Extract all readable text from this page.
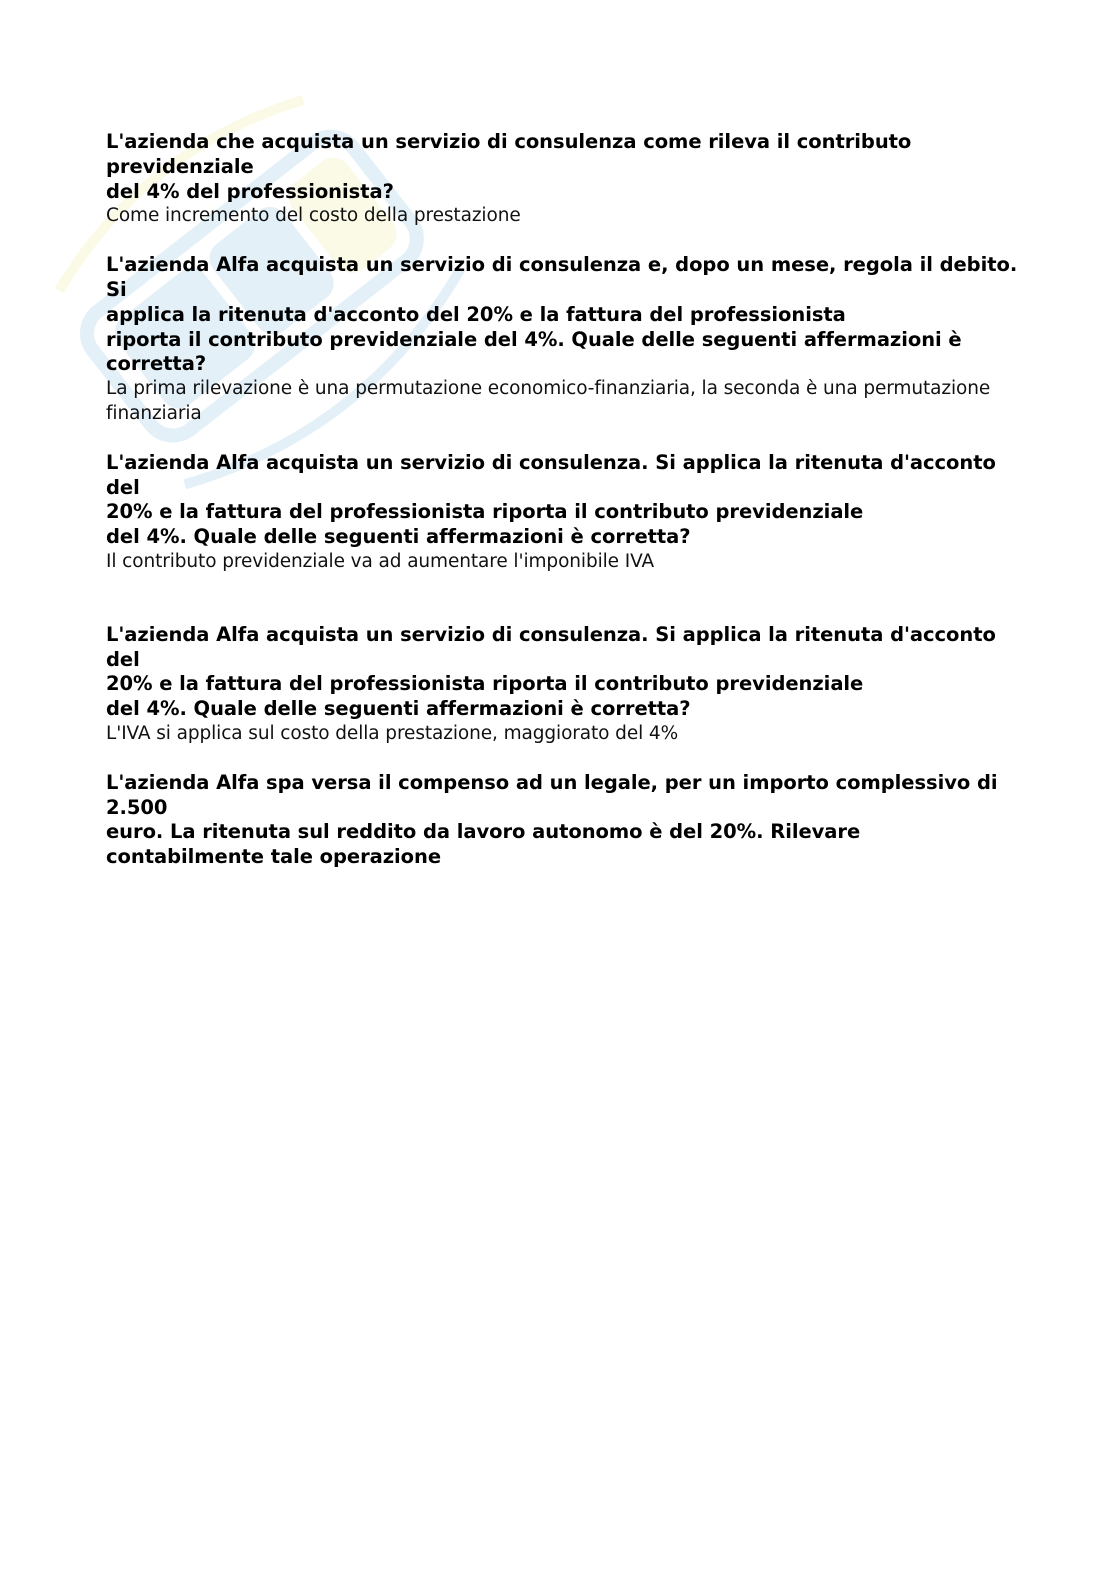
L'azienda che acquista un servizio di consulenza come rileva il contributo previdenziale
del 4% del professionista?

Come incremento del costo della prestazione

L'azienda Alfa acquista un servizio di consulenza e, dopo un mese, regola il debito. Si
applica la ritenuta d'acconto del 20% e la fattura del professionista
riporta il contributo previdenziale del 4%. Quale delle seguenti affermazioni è
corretta?

La prima rilevazione è una permutazione economico-finanziaria, la seconda è una permutazione
finanziaria

L'azienda Alfa acquista un servizio di consulenza. Si applica la ritenuta d'acconto del
20% e la fattura del professionista riporta il contributo previdenziale
del 4%. Quale delle seguenti affermazioni è corretta?

Il contributo previdenziale va ad aumentare l'imponibile IVA

L'azienda Alfa acquista un servizio di consulenza. Si applica la ritenuta d'acconto del
20% e la fattura del professionista riporta il contributo previdenziale
del 4%. Quale delle seguenti affermazioni è corretta?

L'IVA si applica sul costo della prestazione, maggiorato del 4%

L'azienda Alfa spa versa il compenso ad un legale, per un importo complessivo di 2.500
euro. La ritenuta sul reddito da lavoro autonomo è del 20%. Rilevare
contabilmente tale operazione
